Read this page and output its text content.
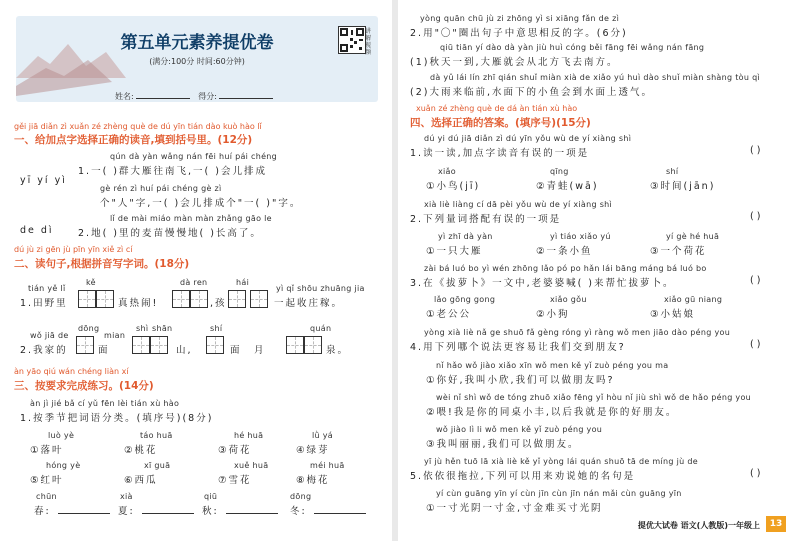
第五单元素养提优卷
(满分:100分 时间:60分钟)
讲解视频
姓名:	得分:
gěi jiā diǎn zì xuǎn zé zhèng què de dú yīn tián dào kuò hào lǐ
一、给加点字选择正确的读音,填到括号里。(12分)
qún dà yàn wǎng nán fēi huí pái chéng
yī yí yì
1.一( )群大雁往南飞,一( )会儿排成
gè rén zì huí pái chéng gè zì
个"人"字,一( )会儿排成个"一( )"字。
lǐ de mài miáo màn màn zhǎng gāo le
de dì	2.地( )里的麦苗慢慢地( )长高了。
dú jù zi gēn jù pīn yīn xiě zì cí
二、读句子,根据拼音写字词。(18分)
tián yě lǐ
1.田野里
kě
真热闹!
dà ren	hái
,孩
yì qǐ shōu zhuāng jia
一起收庄稼。
wǒ jiā de
2.我家的
dōng
面
mian
shì shān
山,
shí
面 月
quán
泉。
àn yāo qiú wán chéng liàn xí
三、按要求完成练习。(14分)
àn jì jié bǎ cí yǔ fēn lèi tián xù hào
1.按季节把词语分类。(填序号)(8分)
luò yè
①落叶
táo huā
②桃花
hé huā
③荷花
lǜ yá
④绿芽
hóng yè
⑤红叶
xī guā
⑥西瓜
xuě huā
⑦雪花
méi huā
⑧梅花
chūn
春:
xià
夏:
qiū
秋:
dōng
冬:
yòng quān chū jù zi zhōng yì si xiāng fǎn de zì
2.用"〇"圈出句子中意思相反的字。(6分)
qiū tiān yí dào dà yàn jiù huì cóng běi fāng fēi wǎng nán fāng
(1)秋天一到,大雁就会从北方飞去南方。
dà yǔ lái lín zhī qián shuǐ miàn xià de xiǎo yú huì dào shuǐ miàn shàng tòu qì
(2)大雨来临前,水面下的小鱼会到水面上透气。
xuǎn zé zhèng què de dá àn tián xù hào
四、选择正确的答案。(填序号)(15分)
dú yi dú jiā diǎn zì dú yīn yǒu wù de yí xiàng shì
1.读一读,加点字读音有误的一项是	( )
xiǎo
①小鸟(jī)
qīng
②青蛙(wā)
shí
③时间(jān)
xià liè liàng cí dā pèi yǒu wù de yí xiàng shì
2.下列量词搭配有误的一项是	( )
yì zhī dà yàn
①一只大雁
yì tiáo xiǎo yú
②一条小鱼
yí gè hé huā
③一个荷花
zài bá luó bo yì wén zhōng lǎo pó po hǎn lái bāng máng bá luó bo
3.在《拔萝卜》一文中,老婆婆喊( )来帮忙拔萝卜。	( )
lǎo gōng gong
①老公公
xiǎo gǒu
②小狗
xiǎo gū niang
③小姑娘
yòng xià liè nǎ ge shuō fǎ gèng róng yì ràng wǒ men jiāo dào péng you
4.用下列哪个说法更容易让我们交到朋友?	( )
nǐ hǎo wǒ jiào xiǎo xīn wǒ men kě yǐ zuò péng you ma
①你好,我叫小欣,我们可以做朋友吗?
wèi nǐ shì wǒ de tóng zhuō xiǎo fēng yǐ hòu nǐ jiù shì wǒ de hǎo péng you
②喂!我是你的同桌小丰,以后我就是你的好朋友。
wǒ jiào lì li wǒ men kě yǐ zuò péng you
③我叫丽丽,我们可以做朋友。
yī jù hěn tuō lā xià liè kě yǐ yòng lái quán shuō tā de míng jù de
5.依依很拖拉,下列可以用来劝说她的名句是	( )
yí cùn guāng yīn yí cùn jīn cùn jīn nán mǎi cùn guāng yīn
①一寸光阴一寸金,寸金难买寸光阴
提优大试卷 语文(人教版)一年级上	13
